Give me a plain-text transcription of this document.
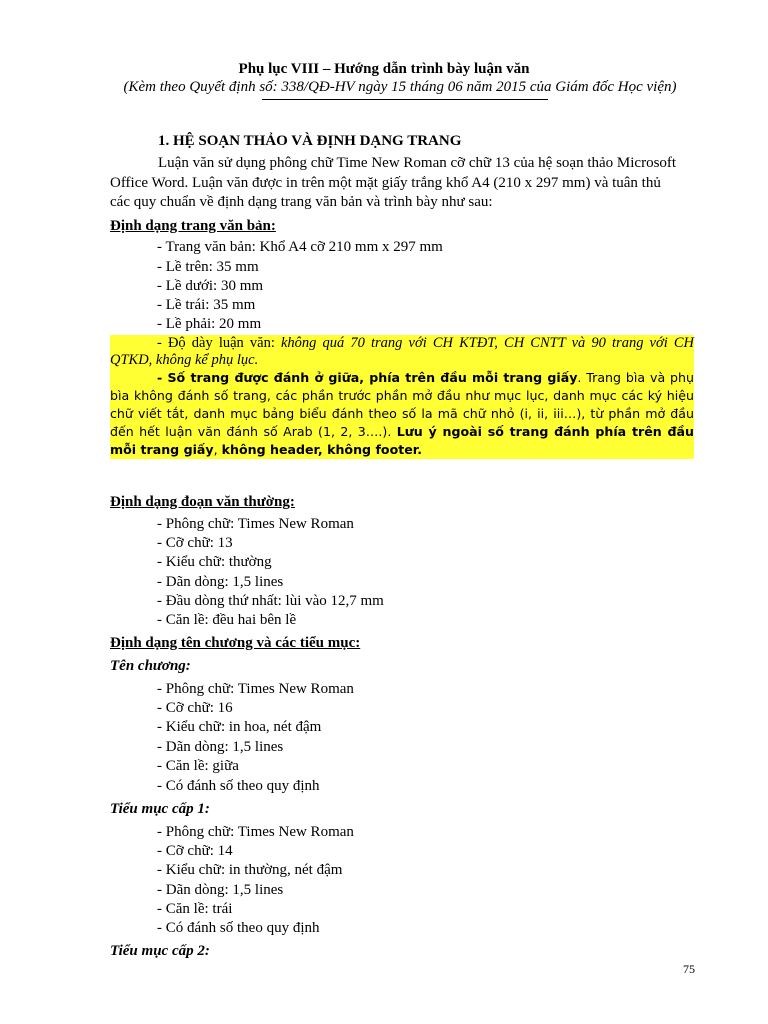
Phụ lục VIII – Hướng dẫn trình bày luận văn
(Kèm theo Quyết định số: 338/QĐ-HV ngày 15 tháng 06 năm 2015 của Giám đốc Học viện)
1. HỆ SOẠN THẢO VÀ ĐỊNH DẠNG TRANG
Luận văn sử dụng phông chữ Time New Roman cỡ chữ 13 của hệ soạn thảo Microsoft
Office Word. Luận văn được in trên một mặt giấy trắng khổ A4 (210 x 297 mm) và tuân thủ
các quy chuẩn về định dạng trang văn bản và trình bày như sau:
Định dạng trang văn bản:
- Trang văn bản: Khổ A4 cỡ 210 mm x 297 mm
- Lề trên: 35 mm
- Lề dưới: 30 mm
- Lề trái: 35 mm
- Lề phải: 20 mm
- Độ dày luận văn: không quá 70 trang với CH KTĐT, CH CNTT và 90 trang với CH QTKD, không kể phụ lục.
- Số trang được đánh ở giữa, phía trên đầu mỗi trang giấy. Trang bìa và phụ bìa không đánh số trang, các phần trước phần mở đầu như mục lục, danh mục các ký hiệu chữ viết tắt, danh mục bảng biểu đánh theo số la mã chữ nhỏ (i, ii, iii…), từ phần mở đầu đến hết luận văn đánh số Arab (1, 2, 3….). Lưu ý ngoài số trang đánh phía trên đầu mỗi trang giấy, không header, không footer.
Định dạng đoạn văn thường:
- Phông chữ: Times New Roman
- Cỡ chữ: 13
- Kiểu chữ: thường
- Dãn dòng: 1,5 lines
- Đầu dòng thứ nhất: lùi vào 12,7 mm
- Căn lề: đều hai bên lề
Định dạng tên chương và các tiểu mục:
Tên chương:
- Phông chữ: Times New Roman
- Cỡ chữ: 16
- Kiểu chữ: in hoa, nét đậm
- Dãn dòng: 1,5 lines
- Căn lề: giữa
- Có đánh số theo quy định
Tiểu mục cấp 1:
- Phông chữ: Times New Roman
- Cỡ chữ: 14
- Kiểu chữ: in thường, nét đậm
- Dãn dòng: 1,5 lines
- Căn lề: trái
- Có đánh số theo quy định
Tiểu mục cấp 2:
75
